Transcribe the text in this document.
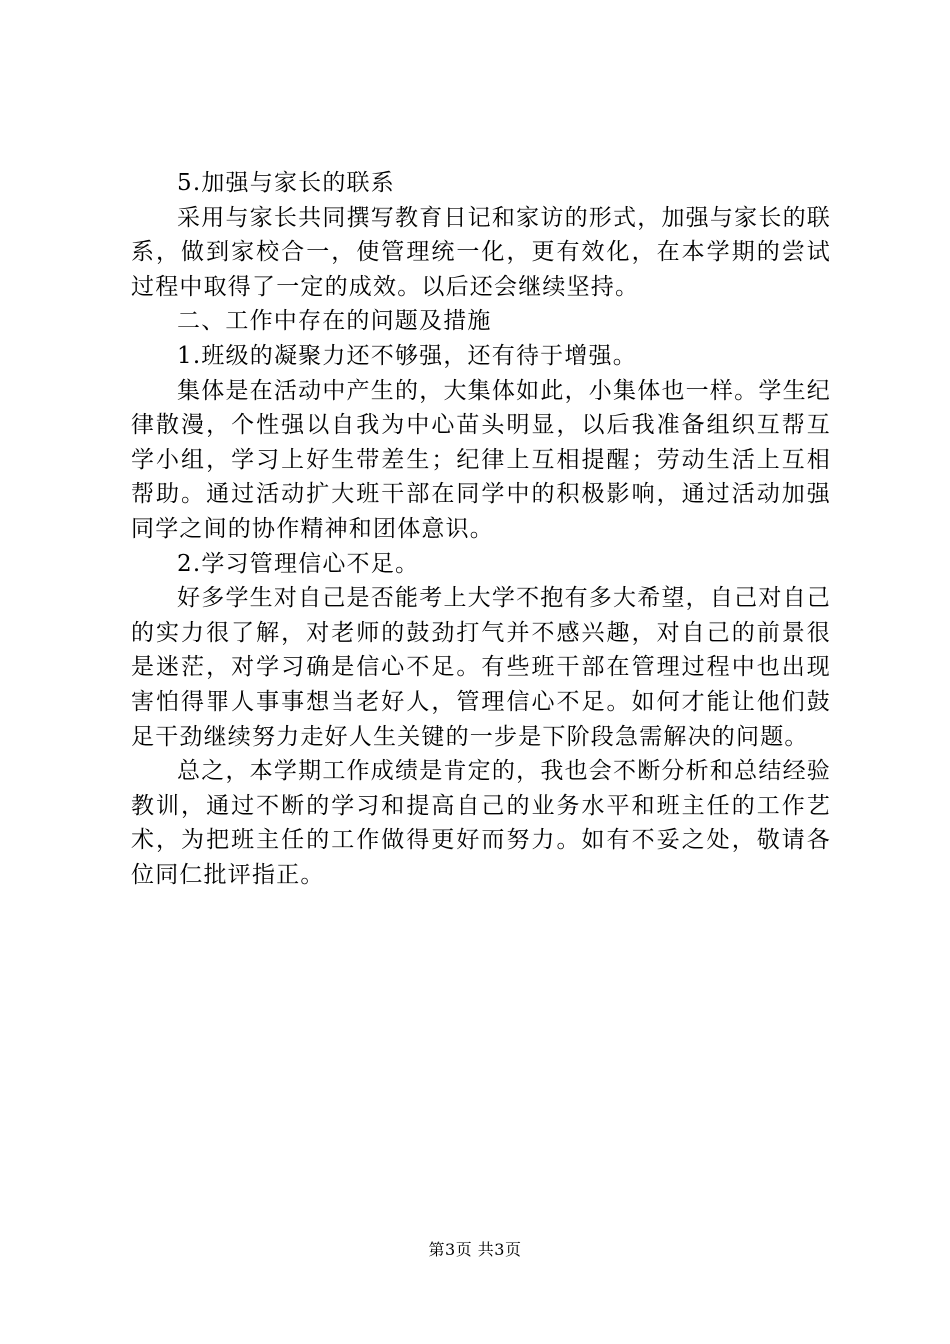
5.加强与家长的联系

采用与家长共同撰写教育日记和家访的形式，加强与家长的联系，做到家校合一，使管理统一化，更有效化，在本学期的尝试过程中取得了一定的成效。以后还会继续坚持。

二、工作中存在的问题及措施

1.班级的凝聚力还不够强，还有待于增强。

集体是在活动中产生的，大集体如此，小集体也一样。学生纪律散漫，个性强以自我为中心苗头明显，以后我准备组织互帮互学小组，学习上好生带差生；纪律上互相提醒；劳动生活上互相帮助。通过活动扩大班干部在同学中的积极影响，通过活动加强同学之间的协作精神和团体意识。

2.学习管理信心不足。

好多学生对自己是否能考上大学不抱有多大希望，自己对自己的实力很了解，对老师的鼓劲打气并不感兴趣，对自己的前景很是迷茫，对学习确是信心不足。有些班干部在管理过程中也出现害怕得罪人事事想当老好人，管理信心不足。如何才能让他们鼓足干劲继续努力走好人生关键的一步是下阶段急需解决的问题。

总之，本学期工作成绩是肯定的，我也会不断分析和总结经验教训，通过不断的学习和提高自己的业务水平和班主任的工作艺术，为把班主任的工作做得更好而努力。如有不妥之处，敬请各位同仁批评指正。

第3页 共3页
